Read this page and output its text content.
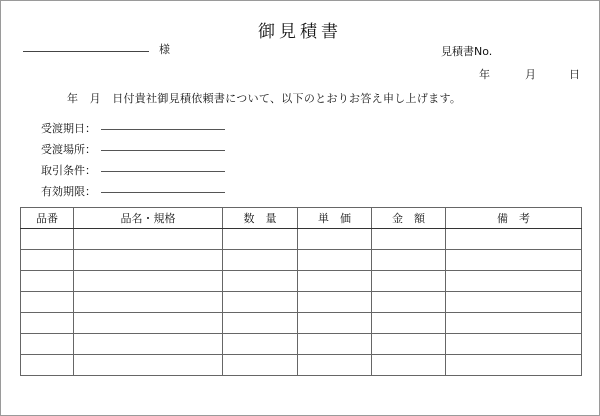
御見積書
様	見積書No.
年	月	日
年　月　日付貴社御見積依頼書について、以下のとおりお答え申し上げます。
受渡期日：
受渡場所：
取引条件：
有効期限：
品番	品名・規格	数　量	単　価	金　額	備　考
